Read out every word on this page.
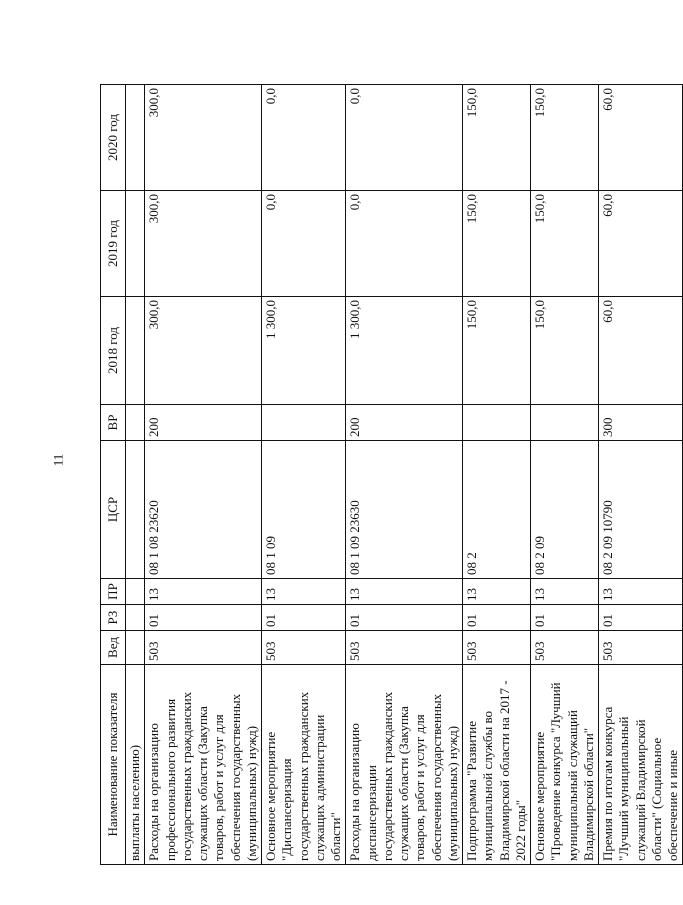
11
Наименование показателя	Вед	РЗ	ПР	ЦСР	ВР	2018 год	2019 год	2020 год
выплаты населению)								
Расходы на организацию профессионального развития государственных гражданских служащих области (Закупка товаров, работ и услуг для обеспечения государственных (муниципальных) нужд)	503	01	13	08 1 08 23620	200	300,0	300,0	300,0
Основное мероприятие "Диспансеризация государственных гражданских служащих администрации области"	503	01	13	08 1 09		1 300,0	0,0	0,0
Расходы на организацию диспансеризации государственных гражданских служащих области (Закупка товаров, работ и услуг для обеспечения государственных (муниципальных) нужд)	503	01	13	08 1 09 23630	200	1 300,0	0,0	0,0
Подпрограмма "Развитие муниципальной службы во Владимирской области на 2017 - 2022 годы"	503	01	13	08 2		150,0	150,0	150,0
Основное мероприятие "Проведение конкурса "Лучший муниципальный служащий Владимирской области"	503	01	13	08 2 09		150,0	150,0	150,0
Премия по итогам конкурса "Лучший муниципальный служащий Владимирской области" (Социальное обеспечение и иные	503	01	13	08 2 09 10790	300	60,0	60,0	60,0
